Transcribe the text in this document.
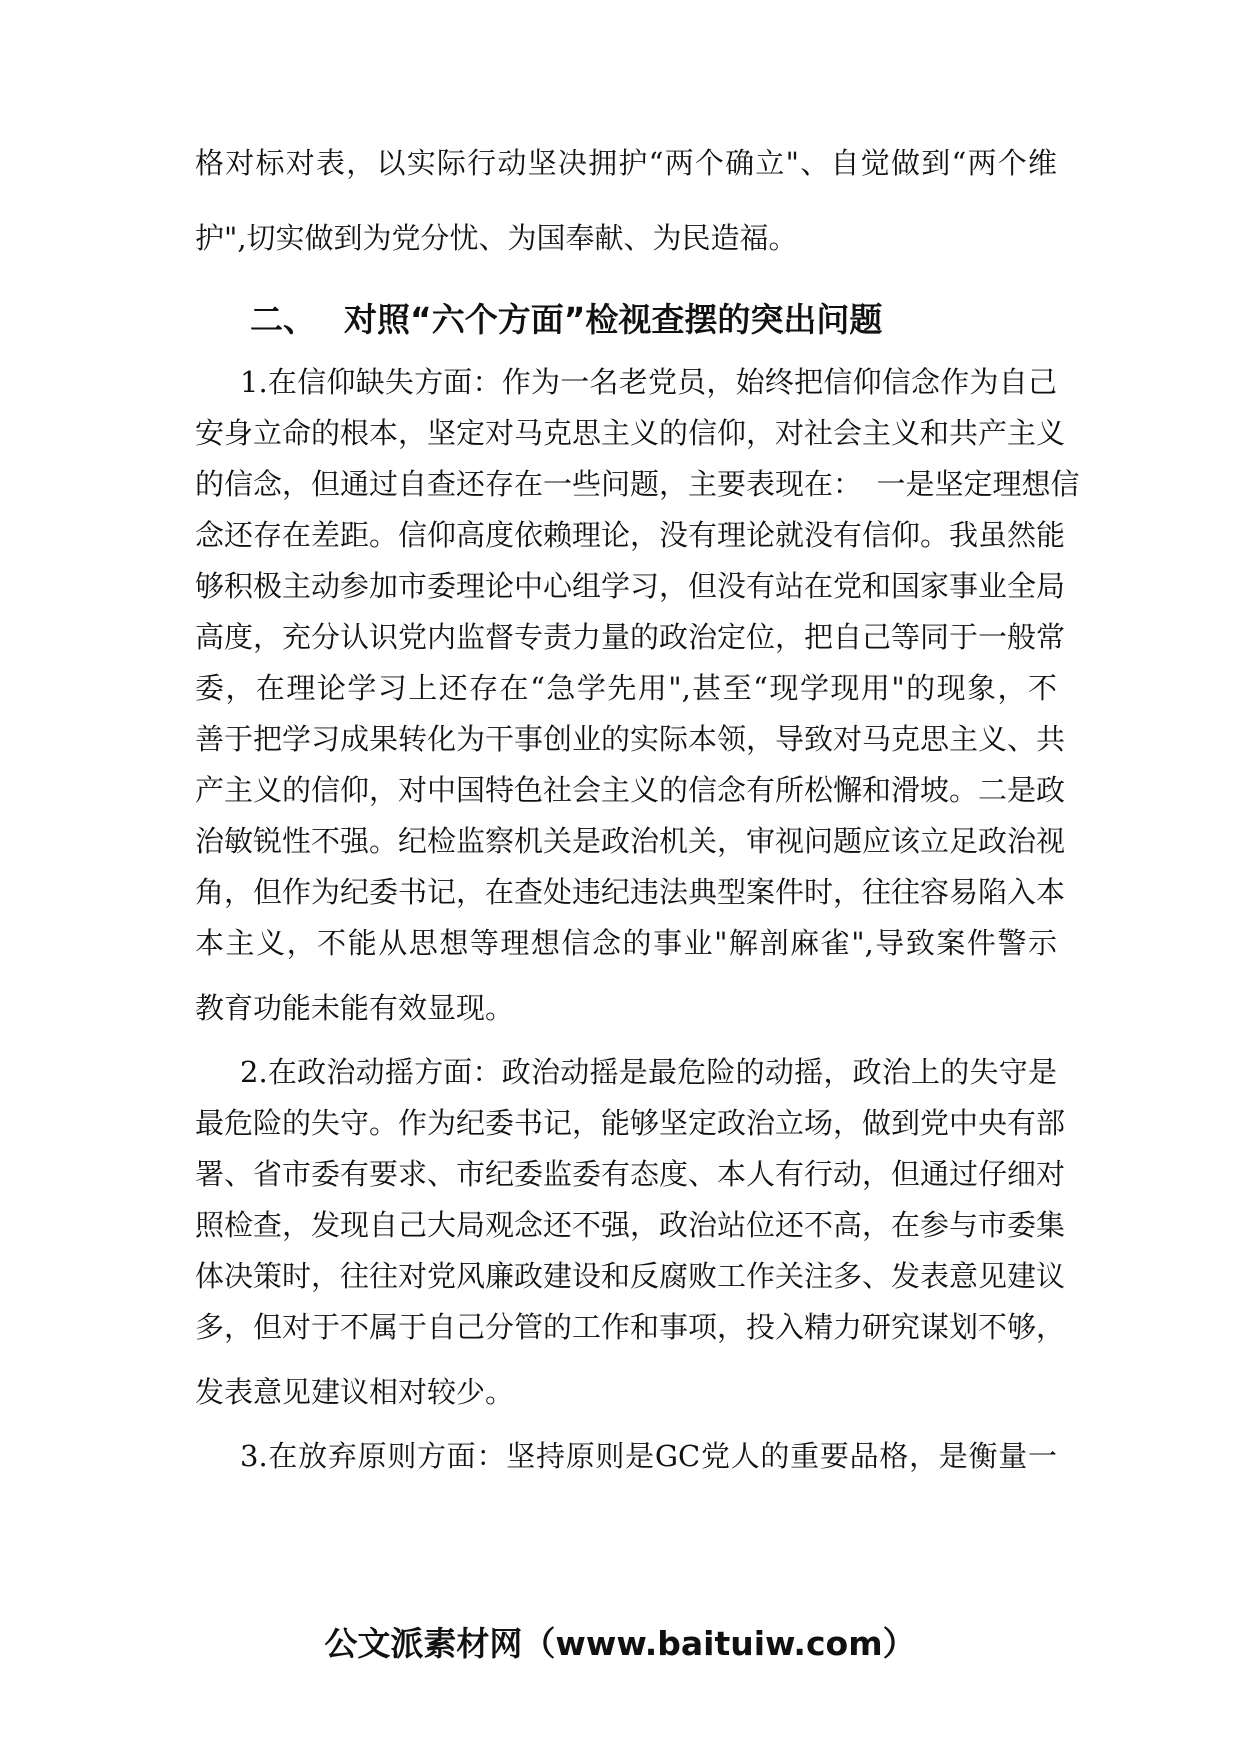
格对标对表，以实际行动坚决拥护“两个确立"、自觉做到“两个维
护",切实做到为党分忧、为国奉献、为民造福。
二、 对照“六个方面”检视查摆的突出问题
1.在信仰缺失方面：作为一名老党员，始终把信仰信念作为自己
安身立命的根本，坚定对马克思主义的信仰，对社会主义和共产主义
的信念，但通过自查还存在一些问题，主要表现在：　一是坚定理想信
念还存在差距。信仰高度依赖理论，没有理论就没有信仰。我虽然能
够积极主动参加市委理论中心组学习，但没有站在党和国家事业全局
高度，充分认识党内监督专责力量的政治定位，把自己等同于一般常
委，在理论学习上还存在“急学先用",甚至“现学现用"的现象，不
善于把学习成果转化为干事创业的实际本领，导致对马克思主义、共
产主义的信仰，对中国特色社会主义的信念有所松懈和滑坡。二是政
治敏锐性不强。纪检监察机关是政治机关，审视问题应该立足政治视
角，但作为纪委书记，在查处违纪违法典型案件时，往往容易陷入本
本主义，不能从思想等理想信念的事业"解剖麻雀",导致案件警示
教育功能未能有效显现。
2.在政治动摇方面：政治动摇是最危险的动摇，政治上的失守是
最危险的失守。作为纪委书记，能够坚定政治立场，做到党中央有部
署、省市委有要求、市纪委监委有态度、本人有行动，但通过仔细对
照检查，发现自己大局观念还不强，政治站位还不高，在参与市委集
体决策时，往往对党风廉政建设和反腐败工作关注多、发表意见建议
多，但对于不属于自己分管的工作和事项，投入精力研究谋划不够，
发表意见建议相对较少。
3.在放弃原则方面：坚持原则是GC党人的重要品格，是衡量一
公文派素材网（www.baituiw.com）
